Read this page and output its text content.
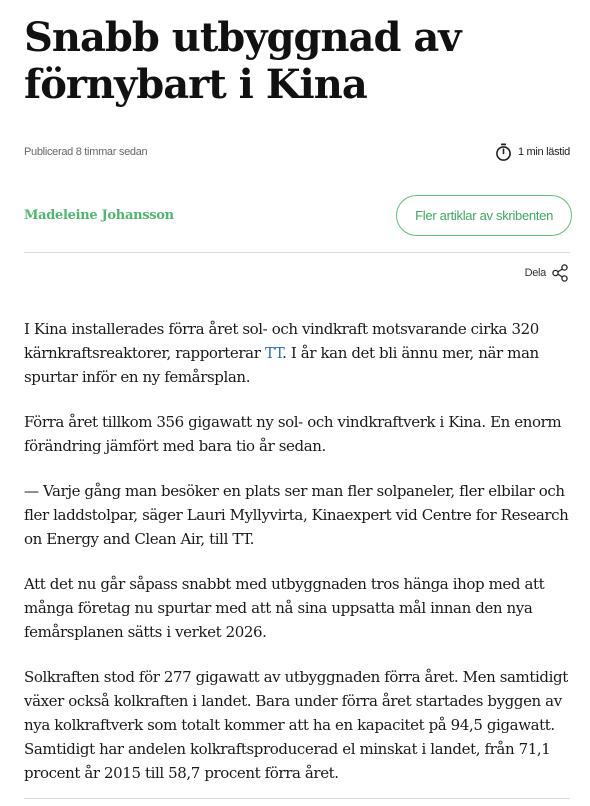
Snabb utbyggnad av förnybart i Kina
Publicerad 8 timmar sedan	1 min lästid
Madeleine Johansson	Fler artiklar av skribenten
Dela

I Kina installerades förra året sol- och vindkraft motsvarande cirka 320 kärnkraftsreaktorer, rapporterar TT. I år kan det bli ännu mer, när man spurtar inför en ny femårsplan.

Förra året tillkom 356 gigawatt ny sol- och vindkraftverk i Kina. En enorm förändring jämfört med bara tio år sedan.

— Varje gång man besöker en plats ser man fler solpaneler, fler elbilar och fler laddstolpar, säger Lauri Myllyvirta, Kinaexpert vid Centre for Research on Energy and Clean Air, till TT.

Att det nu går såpass snabbt med utbyggnaden tros hänga ihop med att många företag nu spurtar med att nå sina uppsatta mål innan den nya femårsplanen sätts i verket 2026.

Solkraften stod för 277 gigawatt av utbyggnaden förra året. Men samtidigt växer också kolkraften i landet. Bara under förra året startades byggen av nya kolkraftverk som totalt kommer att ha en kapacitet på 94,5 gigawatt. Samtidigt har andelen kolkraftsproducerad el minskat i landet, från 71,1 procent år 2015 till 58,7 procent förra året.
